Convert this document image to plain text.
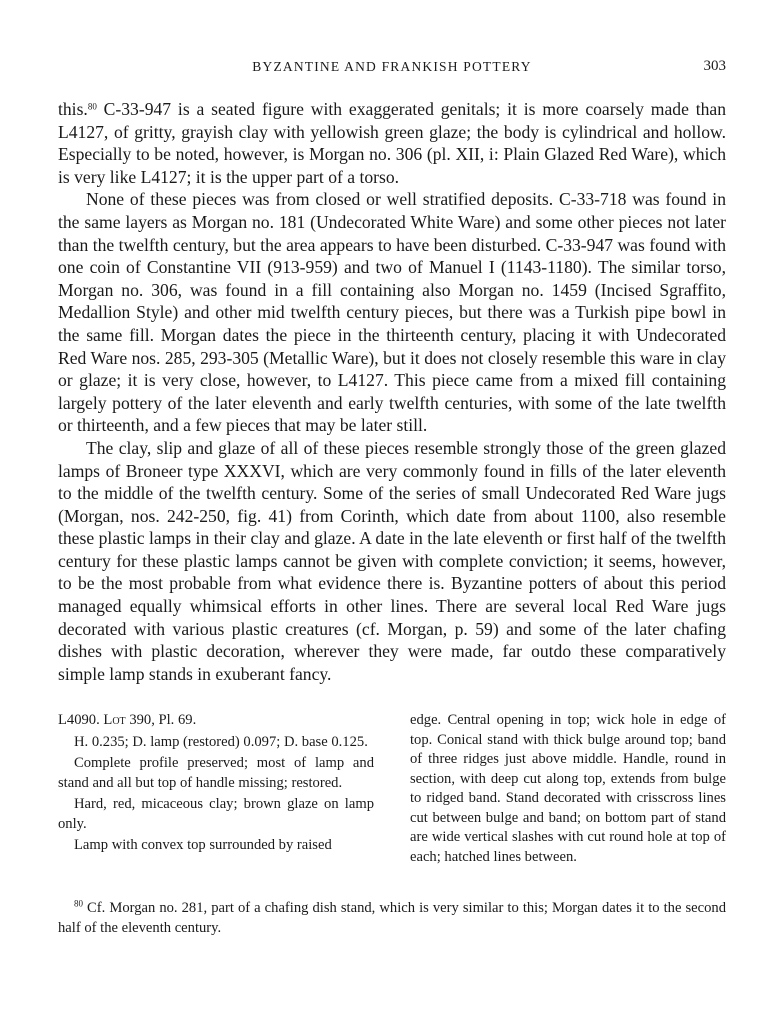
BYZANTINE AND FRANKISH POTTERY	303

this.$^{80}$ C-33-947 is a seated figure with exaggerated genitals; it is more coarsely made than L4127, of gritty, grayish clay with yellowish green glaze; the body is cylindrical and hollow. Especially to be noted, however, is Morgan no. 306 (pl. XII, i: Plain Glazed Red Ware), which is very like L4127; it is the upper part of a torso.

None of these pieces was from closed or well stratified deposits. C-33-718 was found in the same layers as Morgan no. 181 (Undecorated White Ware) and some other pieces not later than the twelfth century, but the area appears to have been disturbed. C-33-947 was found with one coin of Constantine VII (913-959) and two of Manuel I (1143-1180). The similar torso, Morgan no. 306, was found in a fill containing also Morgan no. 1459 (Incised Sgraffito, Medallion Style) and other mid twelfth century pieces, but there was a Turkish pipe bowl in the same fill. Morgan dates the piece in the thirteenth century, placing it with Undecorated Red Ware nos. 285, 293-305 (Metallic Ware), but it does not closely resemble this ware in clay or glaze; it is very close, however, to L4127. This piece came from a mixed fill containing largely pottery of the later eleventh and early twelfth centuries, with some of the late twelfth or thirteenth, and a few pieces that may be later still.

The clay, slip and glaze of all of these pieces resemble strongly those of the green glazed lamps of Broneer type XXXVI, which are very commonly found in fills of the later eleventh to the middle of the twelfth century. Some of the series of small Undecorated Red Ware jugs (Morgan, nos. 242-250, fig. 41) from Corinth, which date from about 1100, also resemble these plastic lamps in their clay and glaze. A date in the late eleventh or first half of the twelfth century for these plastic lamps cannot be given with complete conviction; it seems, however, to be the most probable from what evidence there is. Byzantine potters of about this period managed equally whimsical efforts in other lines. There are several local Red Ware jugs decorated with various plastic creatures (cf. Morgan, p. 59) and some of the later chafing dishes with plastic decoration, wherever they were made, far outdo these comparatively simple lamp stands in exuberant fancy.

L4090. Lot 390, Pl. 69.

H. 0.235; D. lamp (restored) 0.097; D. base 0.125.

Complete profile preserved; most of lamp and stand and all but top of handle missing; restored.

Hard, red, micaceous clay; brown glaze on lamp only.

Lamp with convex top surrounded by raised

edge. Central opening in top; wick hole in edge of top. Conical stand with thick bulge around top; band of three ridges just above middle. Handle, round in section, with deep cut along top, extends from bulge to ridged band. Stand decorated with crisscross lines cut between bulge and band; on bottom part of stand are wide vertical slashes with cut round hole at top of each; hatched lines between.

$^{80}$ Cf. Morgan no. 281, part of a chafing dish stand, which is very similar to this; Morgan dates it to the second half of the eleventh century.
